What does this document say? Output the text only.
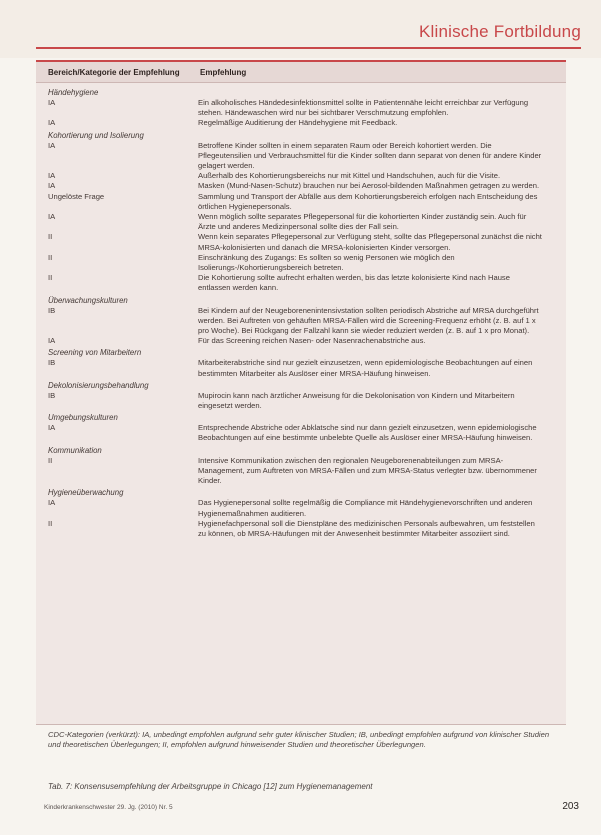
Klinische Fortbildung
Bereich/Kategorie der Empfehlung	Empfehlung
Händehygiene
IA	Ein alkoholisches Händedesinfektionsmittel sollte in Patientennähe leicht erreichbar zur Verfügung stehen. Händewaschen wird nur bei sichtbarer Verschmutzung empfohlen.
IA	Regelmäßige Auditierung der Händehygiene mit Feedback.
Kohortierung und Isolierung
IA	Betroffene Kinder sollten in einem separaten Raum oder Bereich kohortiert werden. Die Pflegeutensilien und Verbrauchsmittel für die Kinder sollten dann separat von denen für andere Kinder gelagert werden.
IA	Außerhalb des Kohortierungsbereichs nur mit Kittel und Handschuhen, auch für die Visite.
IA	Masken (Mund-Nasen-Schutz) brauchen nur bei Aerosol-bildenden Maßnahmen getragen zu werden.
Ungelöste Frage	Sammlung und Transport der Abfälle aus dem Kohortierungsbereich erfolgen nach Entscheidung des örtlichen Hygienepersonals.
IA	Wenn möglich sollte separates Pflegepersonal für die kohortierten Kinder zuständig sein. Auch für Ärzte und anderes Medizinpersonal sollte dies der Fall sein.
II	Wenn kein separates Pflegepersonal zur Verfügung steht, sollte das Pflegepersonal zunächst die nicht MRSA-kolonisierten und danach die MRSA-kolonisierten Kinder versorgen.
II	Einschränkung des Zugangs: Es sollten so wenig Personen wie möglich den Isolierungs-/Kohortierungsbereich betreten.
II	Die Kohortierung sollte aufrecht erhalten werden, bis das letzte kolonisierte Kind nach Hause entlassen werden kann.
Überwachungskulturen
IB	Bei Kindern auf der Neugeborenenintensivstation sollten periodisch Abstriche auf MRSA durchgeführt werden. Bei Auftreten von gehäuften MRSA-Fällen wird die Screening-Frequenz erhöht (z. B. auf 1 x pro Woche). Bei Rückgang der Fallzahl kann sie wieder reduziert werden (z. B. auf 1 x pro Monat).
IA	Für das Screening reichen Nasen- oder Nasenrachenabstriche aus.
Screening von Mitarbeitern
IB	Mitarbeiterabstriche sind nur gezielt einzusetzen, wenn epidemiologische Beobachtungen auf einen bestimmten Mitarbeiter als Auslöser einer MRSA-Häufung hinweisen.
Dekolonisierungsbehandlung
IB	Mupirocin kann nach ärztlicher Anweisung für die Dekolonisation von Kindern und Mitarbeitern eingesetzt werden.
Umgebungskulturen
IA	Entsprechende Abstriche oder Abklatsche sind nur dann gezielt einzusetzen, wenn epidemiologische Beobachtungen auf eine bestimmte unbelebte Quelle als Auslöser einer MRSA-Häufung hinweisen.
Kommunikation
II	Intensive Kommunikation zwischen den regionalen Neugeborenenabteilungen zum MRSA-Management, zum Auftreten von MRSA-Fällen und zum MRSA-Status verlegter bzw. übernommener Kinder.
Hygieneüberwachung
IA	Das Hygienepersonal sollte regelmäßig die Compliance mit Händehygienevorschriften und anderen Hygienemaßnahmen auditieren.
II	Hygienefachpersonal soll die Dienstpläne des medizinischen Personals aufbewahren, um feststellen zu können, ob MRSA-Häufungen mit der Anwesenheit bestimmter Mitarbeiter assoziiert sind.
CDC-Kategorien (verkürzt): IA, unbedingt empfohlen aufgrund sehr guter klinischer Studien; IB, unbedingt empfohlen aufgrund von klinischer Studien und theoretischen Überlegungen; II, empfohlen aufgrund hinweisender Studien und theoretischer Überlegungen.
Tab. 7: Konsensusempfehlung der Arbeitsgruppe in Chicago [12] zum Hygienemanagement
Kinderkrankenschwester 29. Jg. (2010) Nr. 5	203
